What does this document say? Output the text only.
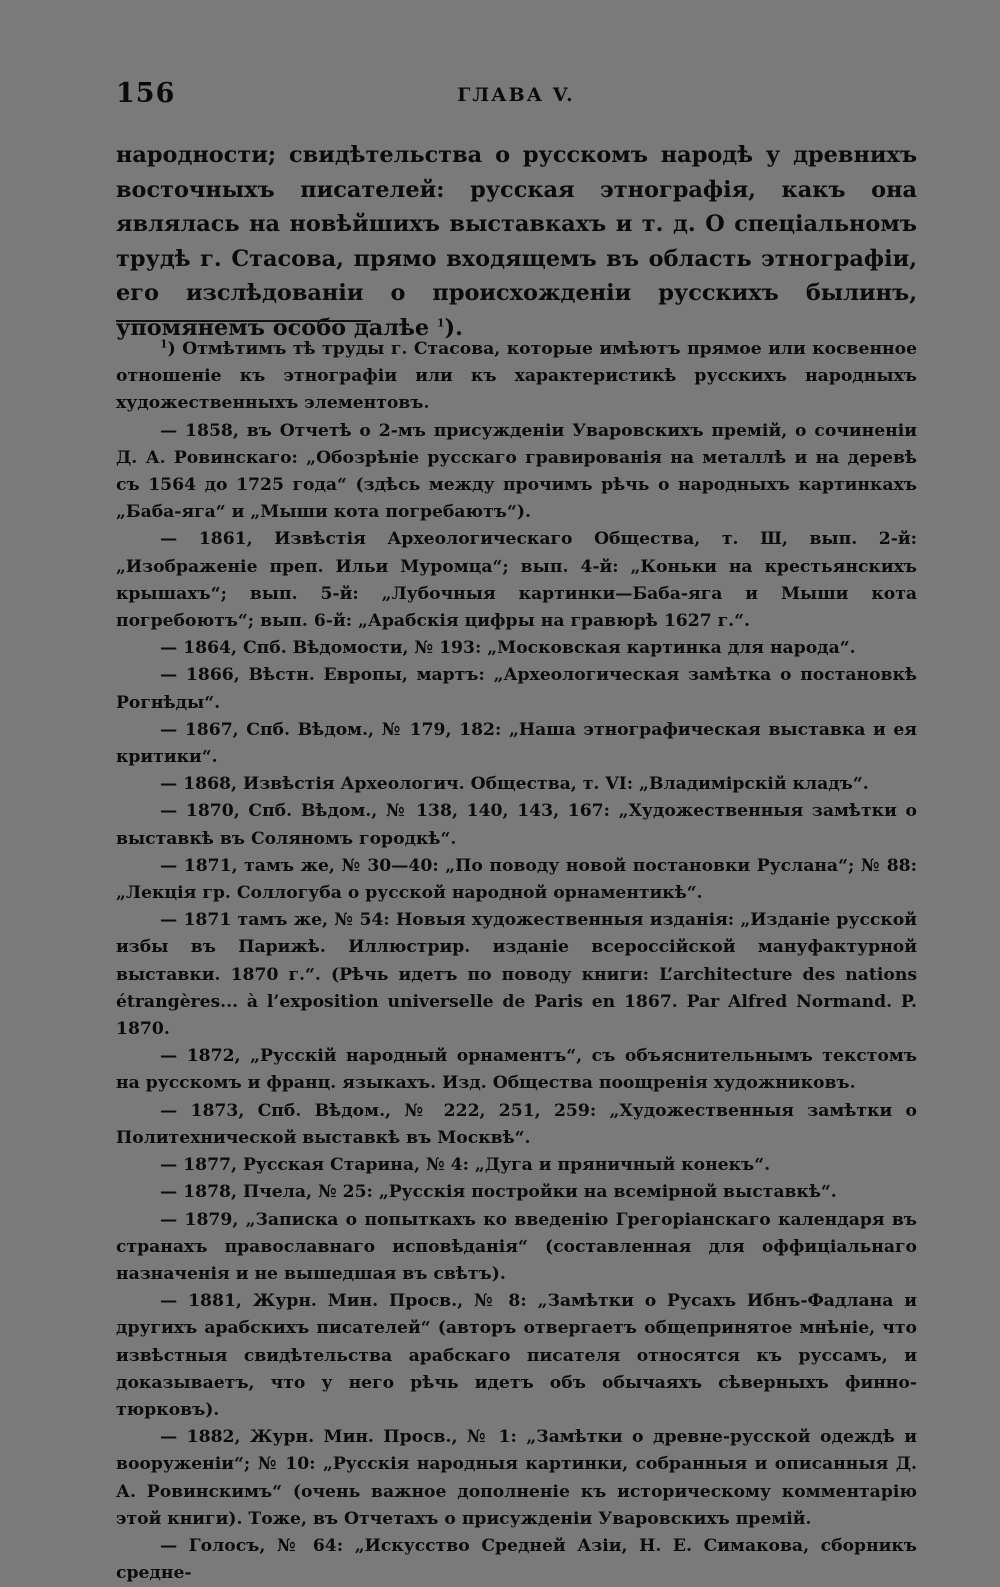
156	ГЛАВА V.

народности; свидѣтельства о русскомъ народѣ у древнихъ восточныхъ писателей: русская этнографія, какъ она являлась на новѣйшихъ выставкахъ и т. д. О спеціальномъ трудѣ г. Стасова, прямо входящемъ въ область этнографіи, его изслѣдованіи о происхожденіи русскихъ былинъ, упомянемъ особо далѣе $^1$).

$^1$) Отмѣтимъ тѣ труды г. Стасова, которые имѣютъ прямое или косвенное отношеніе къ этнографіи или къ характеристикѣ русскихъ народныхъ художественныхъ элементовъ.

— 1858, въ Отчетѣ о 2-мъ присужденіи Уваровскихъ премій, о сочиненіи Д. А. Ровинскаго: „Обозрѣніе русскаго гравированія на металлѣ и на деревѣ съ 1564 до 1725 года“ (здѣсь между прочимъ рѣчь о народныхъ картинкахъ „Баба-яга“ и „Мыши кота погребаютъ“).

— 1861, Извѣстія Археологическаго Общества, т. Ш, вып. 2-й: „Изображеніе преп. Ильи Муромца“; вып. 4-й: „Коньки на крестьянскихъ крышахъ“; вып. 5-й: „Лубочныя картинки—Баба-яга и Мыши кота погребоютъ“; вып. 6-й: „Арабскія цифры на гравюрѣ 1627 г.“.

— 1864, Спб. Вѣдомости, № 193: „Московская картинка для народа“.

— 1866, Вѣстн. Европы, мартъ: „Археологическая замѣтка о постановкѣ Рогнѣды“.

— 1867, Спб. Вѣдом., № 179, 182: „Наша этнографическая выставка и ея критики“.

— 1868, Извѣстія Археологич. Общества, т. VI: „Владимірскій кладъ“.

— 1870, Спб. Вѣдом., № 138, 140, 143, 167: „Художественныя замѣтки о выставкѣ въ Соляномъ городкѣ“.

— 1871, тамъ же, № 30—40: „По поводу новой постановки Руслана“; № 88: „Лекція гр. Соллогуба о русской народной орнаментикѣ“.

— 1871 тамъ же, № 54: Новыя художественныя изданія: „Изданіе русской избы въ Парижѣ. Иллюстрир. изданіе всероссійской мануфактурной выставки. 1870 г.“. (Рѣчь идетъ по поводу книги: L’architecture des nations étrangères... à l’exposition universelle de Paris en 1867. Par Alfred Normand. P. 1870.

— 1872, „Русскій народный орнаментъ“, съ объяснительнымъ текстомъ на русскомъ и франц. языкахъ. Изд. Общества поощренія художниковъ.

— 1873, Спб. Вѣдом., № 222, 251, 259: „Художественныя замѣтки о Политехнической выставкѣ въ Москвѣ“.

— 1877, Русская Старина, № 4: „Дуга и пряничный конекъ“.

— 1878, Пчела, № 25: „Русскія постройки на всемірной выставкѣ“.

— 1879, „Записка о попыткахъ ко введенію Грегоріанскаго календаря въ странахъ православнаго исповѣданія“ (составленная для оффиціальнаго назначенія и не вышедшая въ свѣтъ).

— 1881, Журн. Мин. Просв., № 8: „Замѣтки о Русахъ Ибнъ-Фадлана и другихъ арабскихъ писателей“ (авторъ отвергаетъ общепринятое мнѣніе, что извѣстныя свидѣтельства арабскаго писателя относятся къ руссамъ, и доказываетъ, что у него рѣчь идетъ объ обычаяхъ сѣверныхъ финно-тюрковъ).

— 1882, Журн. Мин. Просв., № 1: „Замѣтки о древне-русской одеждѣ и вооруженіи“; № 10: „Русскія народныя картинки, собранныя и описанныя Д. А. Ровинскимъ“ (очень важное дополненіе къ историческому комментарію этой книги). Тоже, въ Отчетахъ о присужденіи Уваровскихъ премій.

— Голосъ, № 64: „Искусство Средней Азіи, Н. Е. Симакова, сборникъ средне-
